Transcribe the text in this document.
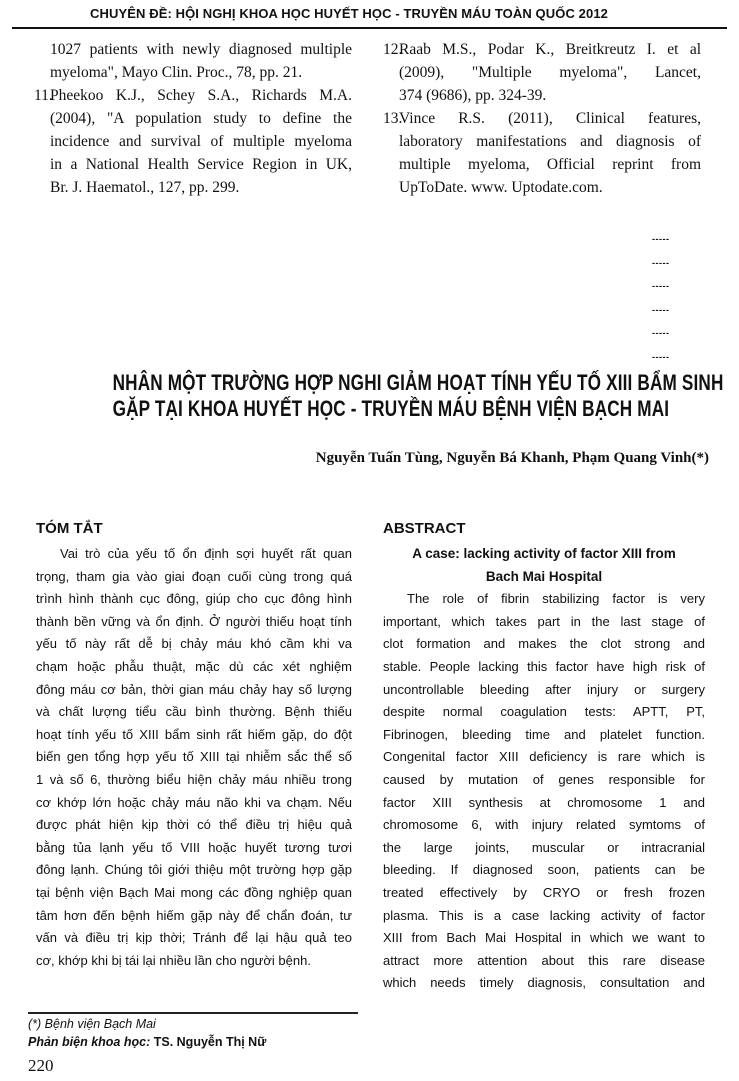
CHUYÊN ĐỀ: HỘI NGHỊ KHOA HỌC HUYẾT HỌC - TRUYỀN MÁU TOÀN QUỐC 2012
1027 patients with newly diagnosed multiple
myeloma", Mayo Clin. Proc., 78, pp. 21.
11.
Pheekoo K.J., Schey S.A., Richards M.A.
(2004), "A population study to define the
incidence and survival of multiple myeloma
in a National Health Service Region in UK,
Br. J. Haematol., 127, pp. 299.
12.
Raab M.S., Podar K., Breitkreutz I. et al
(2009), "Multiple myeloma", Lancet,
374 (9686), pp. 324-39.
13.
Vince R.S. (2011), Clinical features,
laboratory manifestations and diagnosis of
multiple myeloma, Official reprint from
UpToDate. www. Uptodate.com.
-----
-----
-----
-----
-----
-----
NHÂN MỘT TRƯỜNG HỢP NGHI GIẢM HOẠT TÍNH YẾU TỐ XIII BẨM SINH
GẶP TẠI KHOA HUYẾT HỌC - TRUYỀN MÁU BỆNH VIỆN BẠCH MAI
Nguyễn Tuấn Tùng, Nguyễn Bá Khanh, Phạm Quang Vinh(*)
TÓM TẮT
Vai trò của yếu tố ổn định sợi huyết rất quan
trọng, tham gia vào giai đoạn cuối cùng trong quá
trình hình thành cục đông, giúp cho cục đông hình
thành bền vững và ổn định. Ở người thiếu hoạt tính
yếu tố này rất dễ bị chảy máu khó cầm khi va
chạm hoặc phẫu thuật, mặc dù các xét nghiệm
đông máu cơ bản, thời gian máu chảy hay số lượng
và chất lượng tiểu cầu bình thường. Bệnh thiếu
hoạt tính yếu tố XIII bẩm sinh rất hiếm gặp, do đột
biến gen tổng hợp yếu tố XIII tại nhiễm sắc thể số
1 và số 6, thường biểu hiện chảy máu nhiều trong
cơ khớp lớn hoặc chảy máu não khi va chạm. Nếu
được phát hiện kịp thời có thể điều trị hiệu quả
bằng tủa lạnh yếu tố VIII hoặc huyết tương tươi
đông lạnh. Chúng tôi giới thiệu một trường hợp gặp
tại bệnh viện Bạch Mai mong các đồng nghiệp quan
tâm hơn đến bệnh hiếm gặp này để chẩn đoán, tư
vấn và điều trị kịp thời; Tránh để lại hậu quả teo
cơ, khớp khi bị tái lại nhiều lần cho người bệnh.
ABSTRACT
A case: lacking activity of factor XIII from
Bach Mai Hospital
The role of fibrin stabilizing factor is very
important, which takes part in the last stage of
clot formation and makes the clot strong and
stable. People lacking this factor have high risk of
uncontrollable bleeding after injury or surgery
despite normal coagulation tests: APTT, PT,
Fibrinogen, bleeding time and platelet function.
Congenital factor XIII deficiency is rare which is
caused by mutation of genes responsible for
factor XIII synthesis at chromosome 1 and
chromosome 6, with injury related symtoms of
the large joints, muscular or intracranial
bleeding. If diagnosed soon, patients can be
treated effectively by CRYO or fresh frozen
plasma. This is a case lacking activity of factor
XIII from Bach Mai Hospital in which we want to
attract more attention about this rare disease
which needs timely diagnosis, consultation and
(*) Bệnh viện Bạch Mai
Phản biện khoa học: TS. Nguyễn Thị Nữ
220
